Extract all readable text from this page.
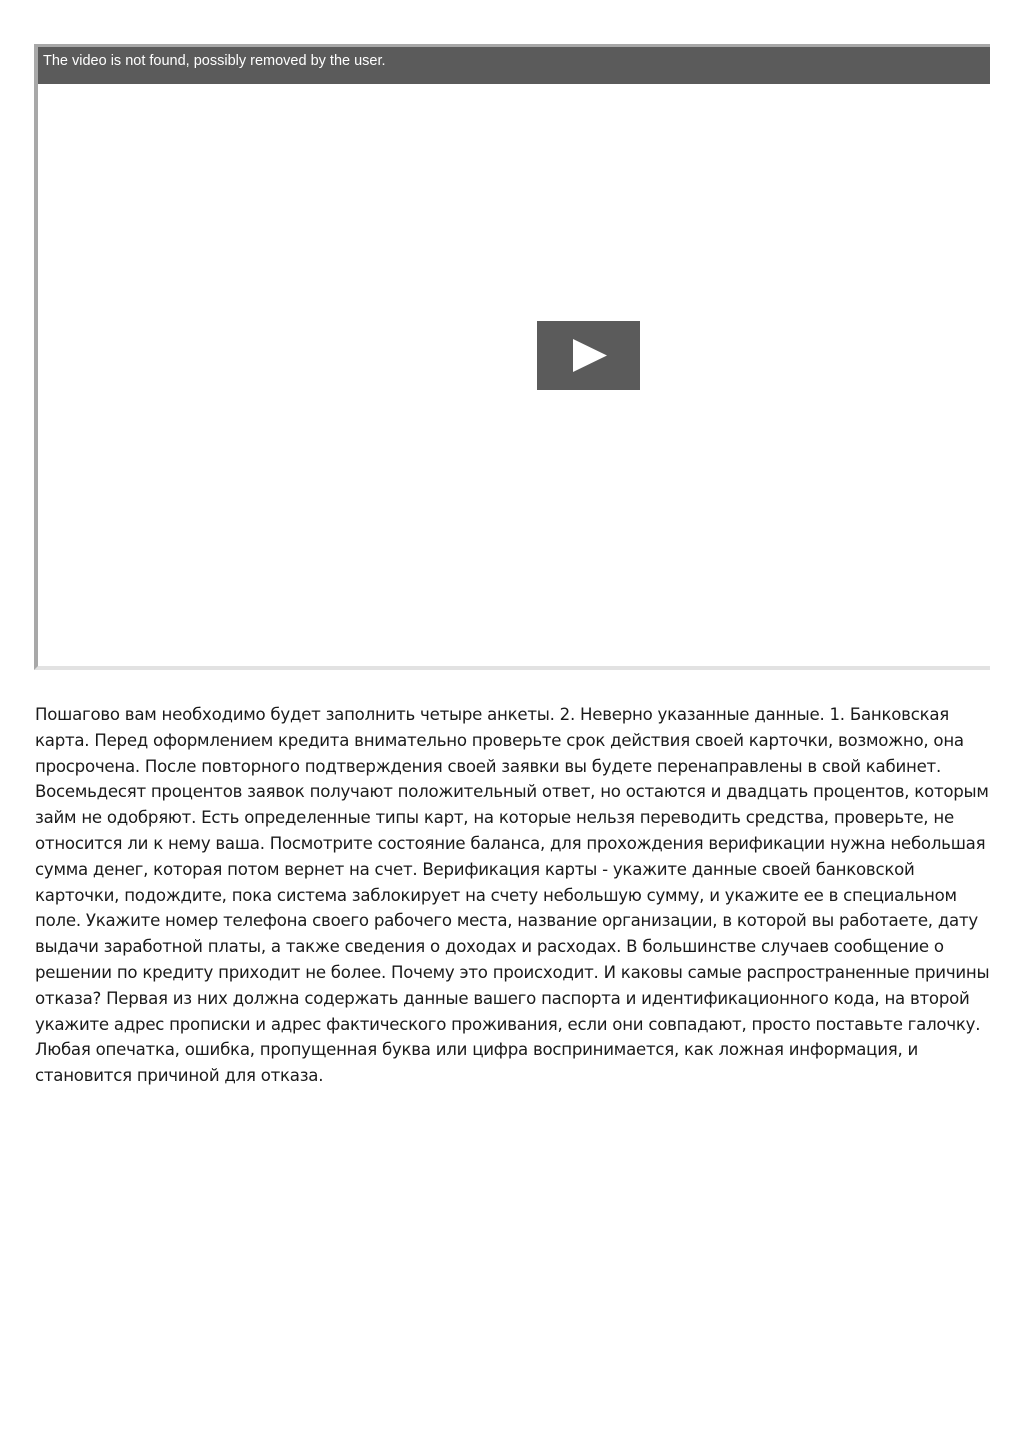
The video is not found, possibly removed by the user.

Пошагово вам необходимо будет заполнить четыре анкеты. 2. Неверно указанные данные. 1. Банковская карта. Перед оформлением кредита внимательно проверьте срок действия своей карточки, возможно, она просрочена. После повторного подтверждения своей заявки вы будете перенаправлены в свой кабинет. Восемьдесят процентов заявок получают положительный ответ, но остаются и двадцать процентов, которым займ не одобряют. Есть определенные типы карт, на которые нельзя переводить средства, проверьте, не относится ли к нему ваша. Посмотрите состояние баланса, для прохождения верификации нужна небольшая сумма денег, которая потом вернет на счет. Верификация карты - укажите данные своей банковской карточки, подождите, пока система заблокирует на счету небольшую сумму, и укажите ее в специальном поле. Укажите номер телефона своего рабочего места, название организации, в которой вы работаете, дату выдачи заработной платы, а также сведения о доходах и расходах. В большинстве случаев сообщение о решении по кредиту приходит не более. Почему это происходит. И каковы самые распространенные причины отказа? Первая из них должна содержать данные вашего паспорта и идентификационного кода, на второй укажите адрес прописки и адрес фактического проживания, если они совпадают, просто поставьте галочку. Любая опечатка, ошибка, пропущенная буква или цифра воспринимается, как ложная информация, и становится причиной для отказа.
